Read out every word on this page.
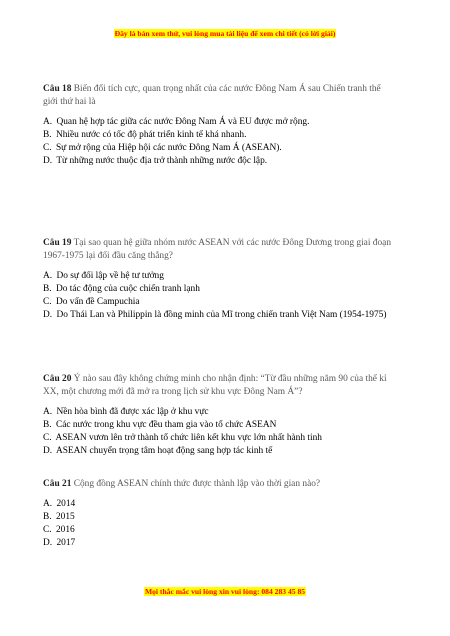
Đây là bản xem thử, vui lòng mua tài liệu để xem chi tiết (có lời giải)

Câu 18 Biến đổi tích cực, quan trọng nhất của các nước Đông Nam Á sau Chiến tranh thế giới thứ hai là

A. Quan hệ hợp tác giữa các nước Đông Nam Á và EU được mở rộng.

B. Nhiều nước có tốc độ phát triển kinh tế khá nhanh.

C. Sự mở rộng của Hiệp hội các nước Đông Nam Á (ASEAN).

D. Từ những nước thuộc địa trở thành những nước độc lập.

Câu 19 Tại sao quan hệ giữa nhóm nước ASEAN với các nước Đông Dương trong giai đoạn 1967-1975 lại đối đầu căng thẳng?

A. Do sự đối lập về hệ tư tưởng

B. Do tác động của cuộc chiến tranh lạnh

C. Do vấn đề Campuchia

D. Do Thái Lan và Philippin là đồng minh của Mĩ trong chiến tranh Việt Nam (1954-1975)

Câu 20 Ý nào sau đây không chứng minh cho nhận định: “Từ đầu những năm 90 của thế kỉ XX, một chương mới đã mở ra trong lịch sử khu vực Đông Nam Á”?

A. Nền hòa bình đã được xác lập ở khu vực

B. Các nước trong khu vực đều tham gia vào tổ chức ASEAN

C. ASEAN vươn lên trở thành tổ chức liên kết khu vực lớn nhất hành tinh

D. ASEAN chuyển trọng tâm hoạt động sang hợp tác kinh tế

Câu 21 Cộng đồng ASEAN chính thức được thành lập vào thời gian nào?

A. 2014

B. 2015

C. 2016

D. 2017

Mọi thắc mắc vui lòng xin vui lòng: 084 283 45 85
